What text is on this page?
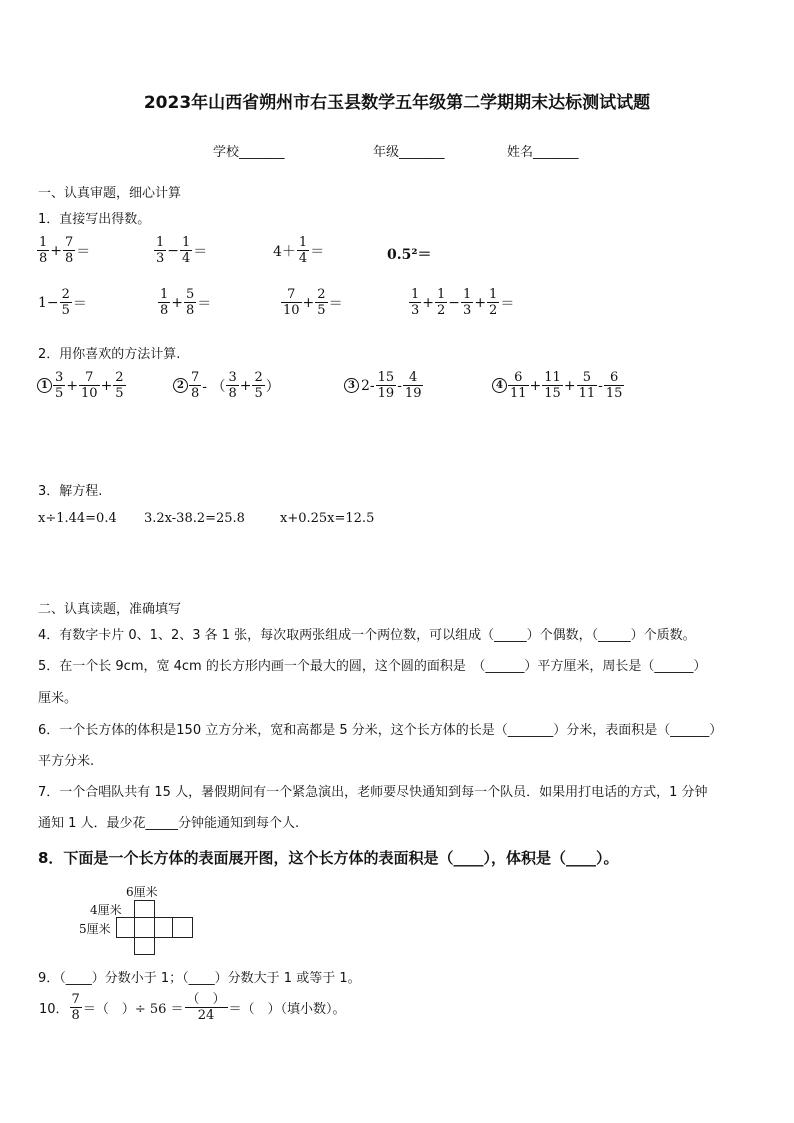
2023年山西省朔州市右玉县数学五年级第二学期期末达标测试试题
学校_______	年级_______	姓名_______
一、认真审题，细心计算
1．直接写出得数。
$\frac{1}{8} + \frac{7}{8}$ ＝	$\frac{1}{3} - \frac{1}{4}$ ＝	$4+ \frac{1}{4}$ ＝	0.5²＝
$1- \frac{2}{5}$ ＝	$\frac{1}{8} + \frac{5}{8}$ ＝	$\frac{7}{10} + \frac{2}{5}$ ＝	$\frac{1}{3} + \frac{1}{2} - \frac{1}{3} + \frac{1}{2}$ ＝
2．用你喜欢的方法计算.
$1 \frac{3}{5} + \frac{7}{10} + \frac{2}{5}$	$2 \frac{7}{8}$ - （ $\frac{3}{8} + \frac{2}{5}$ ）	3 $2- \frac{15}{19} - \frac{4}{19}$	$4 \frac{6}{11} + \frac{11}{15} + \frac{5}{11} - \frac{6}{15}$
3．解方程.
x÷1.44=0.4 3.2x-38.2=25.8	x+0.25x=12.5
二、认真读题，准确填写
4．有数字卡片 0、1、2、3 各 1 张，每次取两张组成一个两位数，可以组成（_____）个偶数，（_____）个质数。
5．在一个长 9cm，宽 4cm 的长方形内画一个最大的圆，这个圆的面积是　（______）平方厘米，周长是（______）
厘米。
6．一个长方体的体积是150 立方分米，宽和高都是 5 分米，这个长方体的长是（_______）分米，表面积是（______）
平方分米.
7．一个合唱队共有 15 人，暑假期间有一个紧急演出，老师要尽快通知到每一个队员．如果用打电话的方式，1 分钟
通知 1 人．最少花_____分钟能通知到每个人.
8．下面是一个长方体的表面展开图，这个长方体的表面积是（____），体积是（____）。
6厘米
4厘米
5厘米
9．（____）分数小于 1；（____）分数大于 1 或等于 1。
10． $\frac{7}{8}$ ＝（　）÷ $56 = \frac{( )}{24}$ ＝（　）（填小数）。
